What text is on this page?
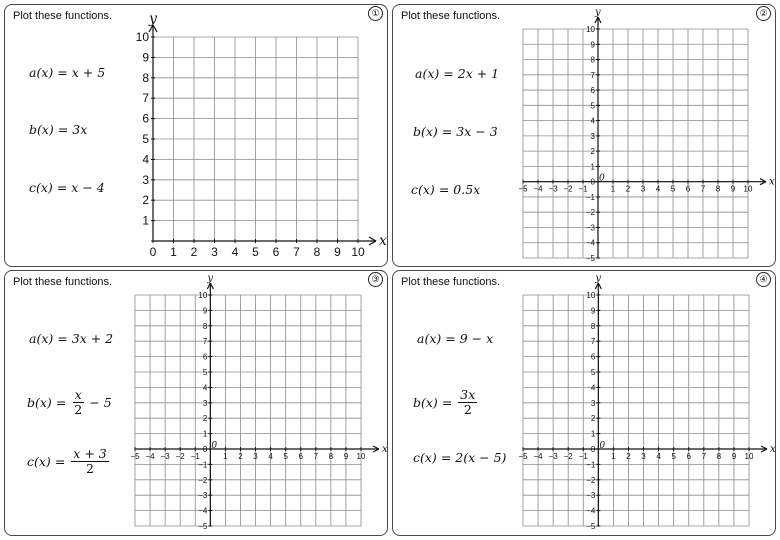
Plot these functions.	①
a(x) = x + 5
b(x) = 3x
c(x) = x − 4
x
y
0 1 2 3 4 5 6 7 8 9 10
1
2
3
4
5
6
7
8
9
10
Plot these functions.	②
a(x) = 2x + 1
b(x) = 3x − 3
c(x) = 0.5x	x
y
−5 −4 −3 −2 −1	1 2 3 4 5 6 7 8 9 10
−5
−4
−3
−2
−1
0
1
2
3
4
5
6
7
8
9
10
0
Plot these functions.	③
a(x) = 3x + 2
$b(x) = \frac{x}{2} - 5$
$c(x) = \frac{x + 3}{2}$	x
y
−5 −4 −3 −2 −1	1 2 3 4 5 6 7 8 9 10
−5
−4
−3
−2
−1
0
1
2
3
4
5
6
7
8
9
10
0
Plot these functions.	④
a(x) = 9 − x
$b(x) = \frac{3x}{2}$
c(x) = 2(x − 5)
x
y
−5 −4 −3 −2 −1	1 2 3 4 5 6 7 8 9 10
−5
−4
−3
−2
−1
0
1
2
3
4
5
6
7
8
9
10
0
